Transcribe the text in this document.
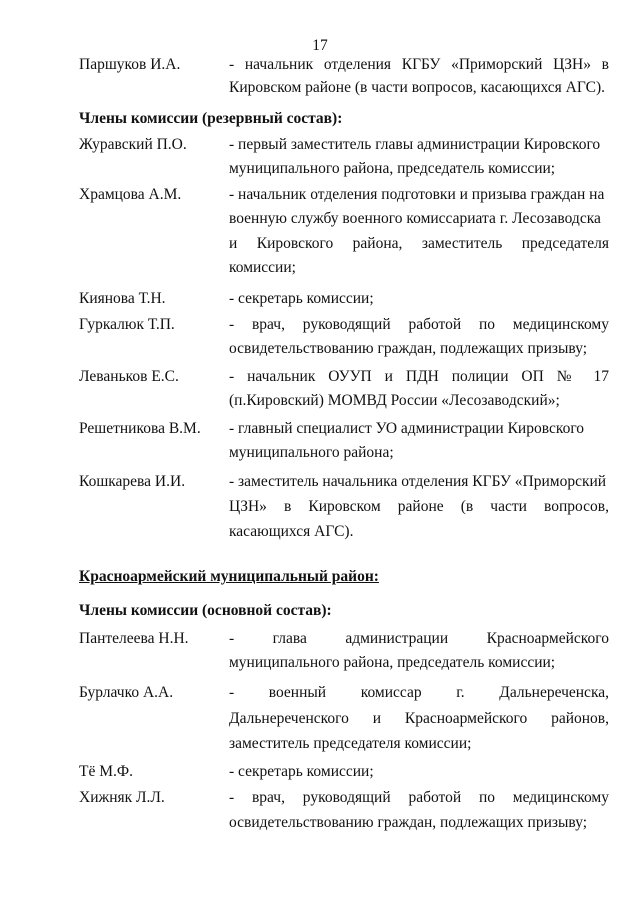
17
Паршуков И.А.	- начальник отделения КГБУ «Приморский ЦЗН» в
Кировском районе (в части вопросов, касающихся АГС).
Члены комиссии (резервный состав):
Журавский П.О.	- первый заместитель главы администрации Кировского
муниципального района, председатель комиссии;
Храмцова А.М.	- начальник отделения подготовки и призыва граждан на
военную службу военного комиссариата г. Лесозаводска
и Кировского района, заместитель председателя
комиссии;
Киянова Т.Н.	- секретарь комиссии;
Гуркалюк Т.П.	- врач, руководящий работой по медицинскому
освидетельствованию граждан, подлежащих призыву;
Леваньков Е.С.	- начальник ОУУП и ПДН полиции ОП № 17
(п.Кировский) МОМВД России «Лесозаводский»;
Решетникова В.М. - главный специалист УО администрации Кировского
муниципального района;
Кошкарева И.И.	- заместитель начальника отделения КГБУ «Приморский
ЦЗН» в Кировском районе (в части вопросов,
касающихся АГС).
Красноармейский муниципальный район:
Члены комиссии (основной состав):
Пантелеева Н.Н.	- глава администрации Красноармейского
муниципального района, председатель комиссии;
Бурлачко А.А.	- военный комиссар г. Дальнереченска,
Дальнереченского и Красноармейского районов,
заместитель председателя комиссии;
Тё М.Ф.	- секретарь комиссии;
Хижняк Л.Л.	- врач, руководящий работой по медицинскому
освидетельствованию граждан, подлежащих призыву;
